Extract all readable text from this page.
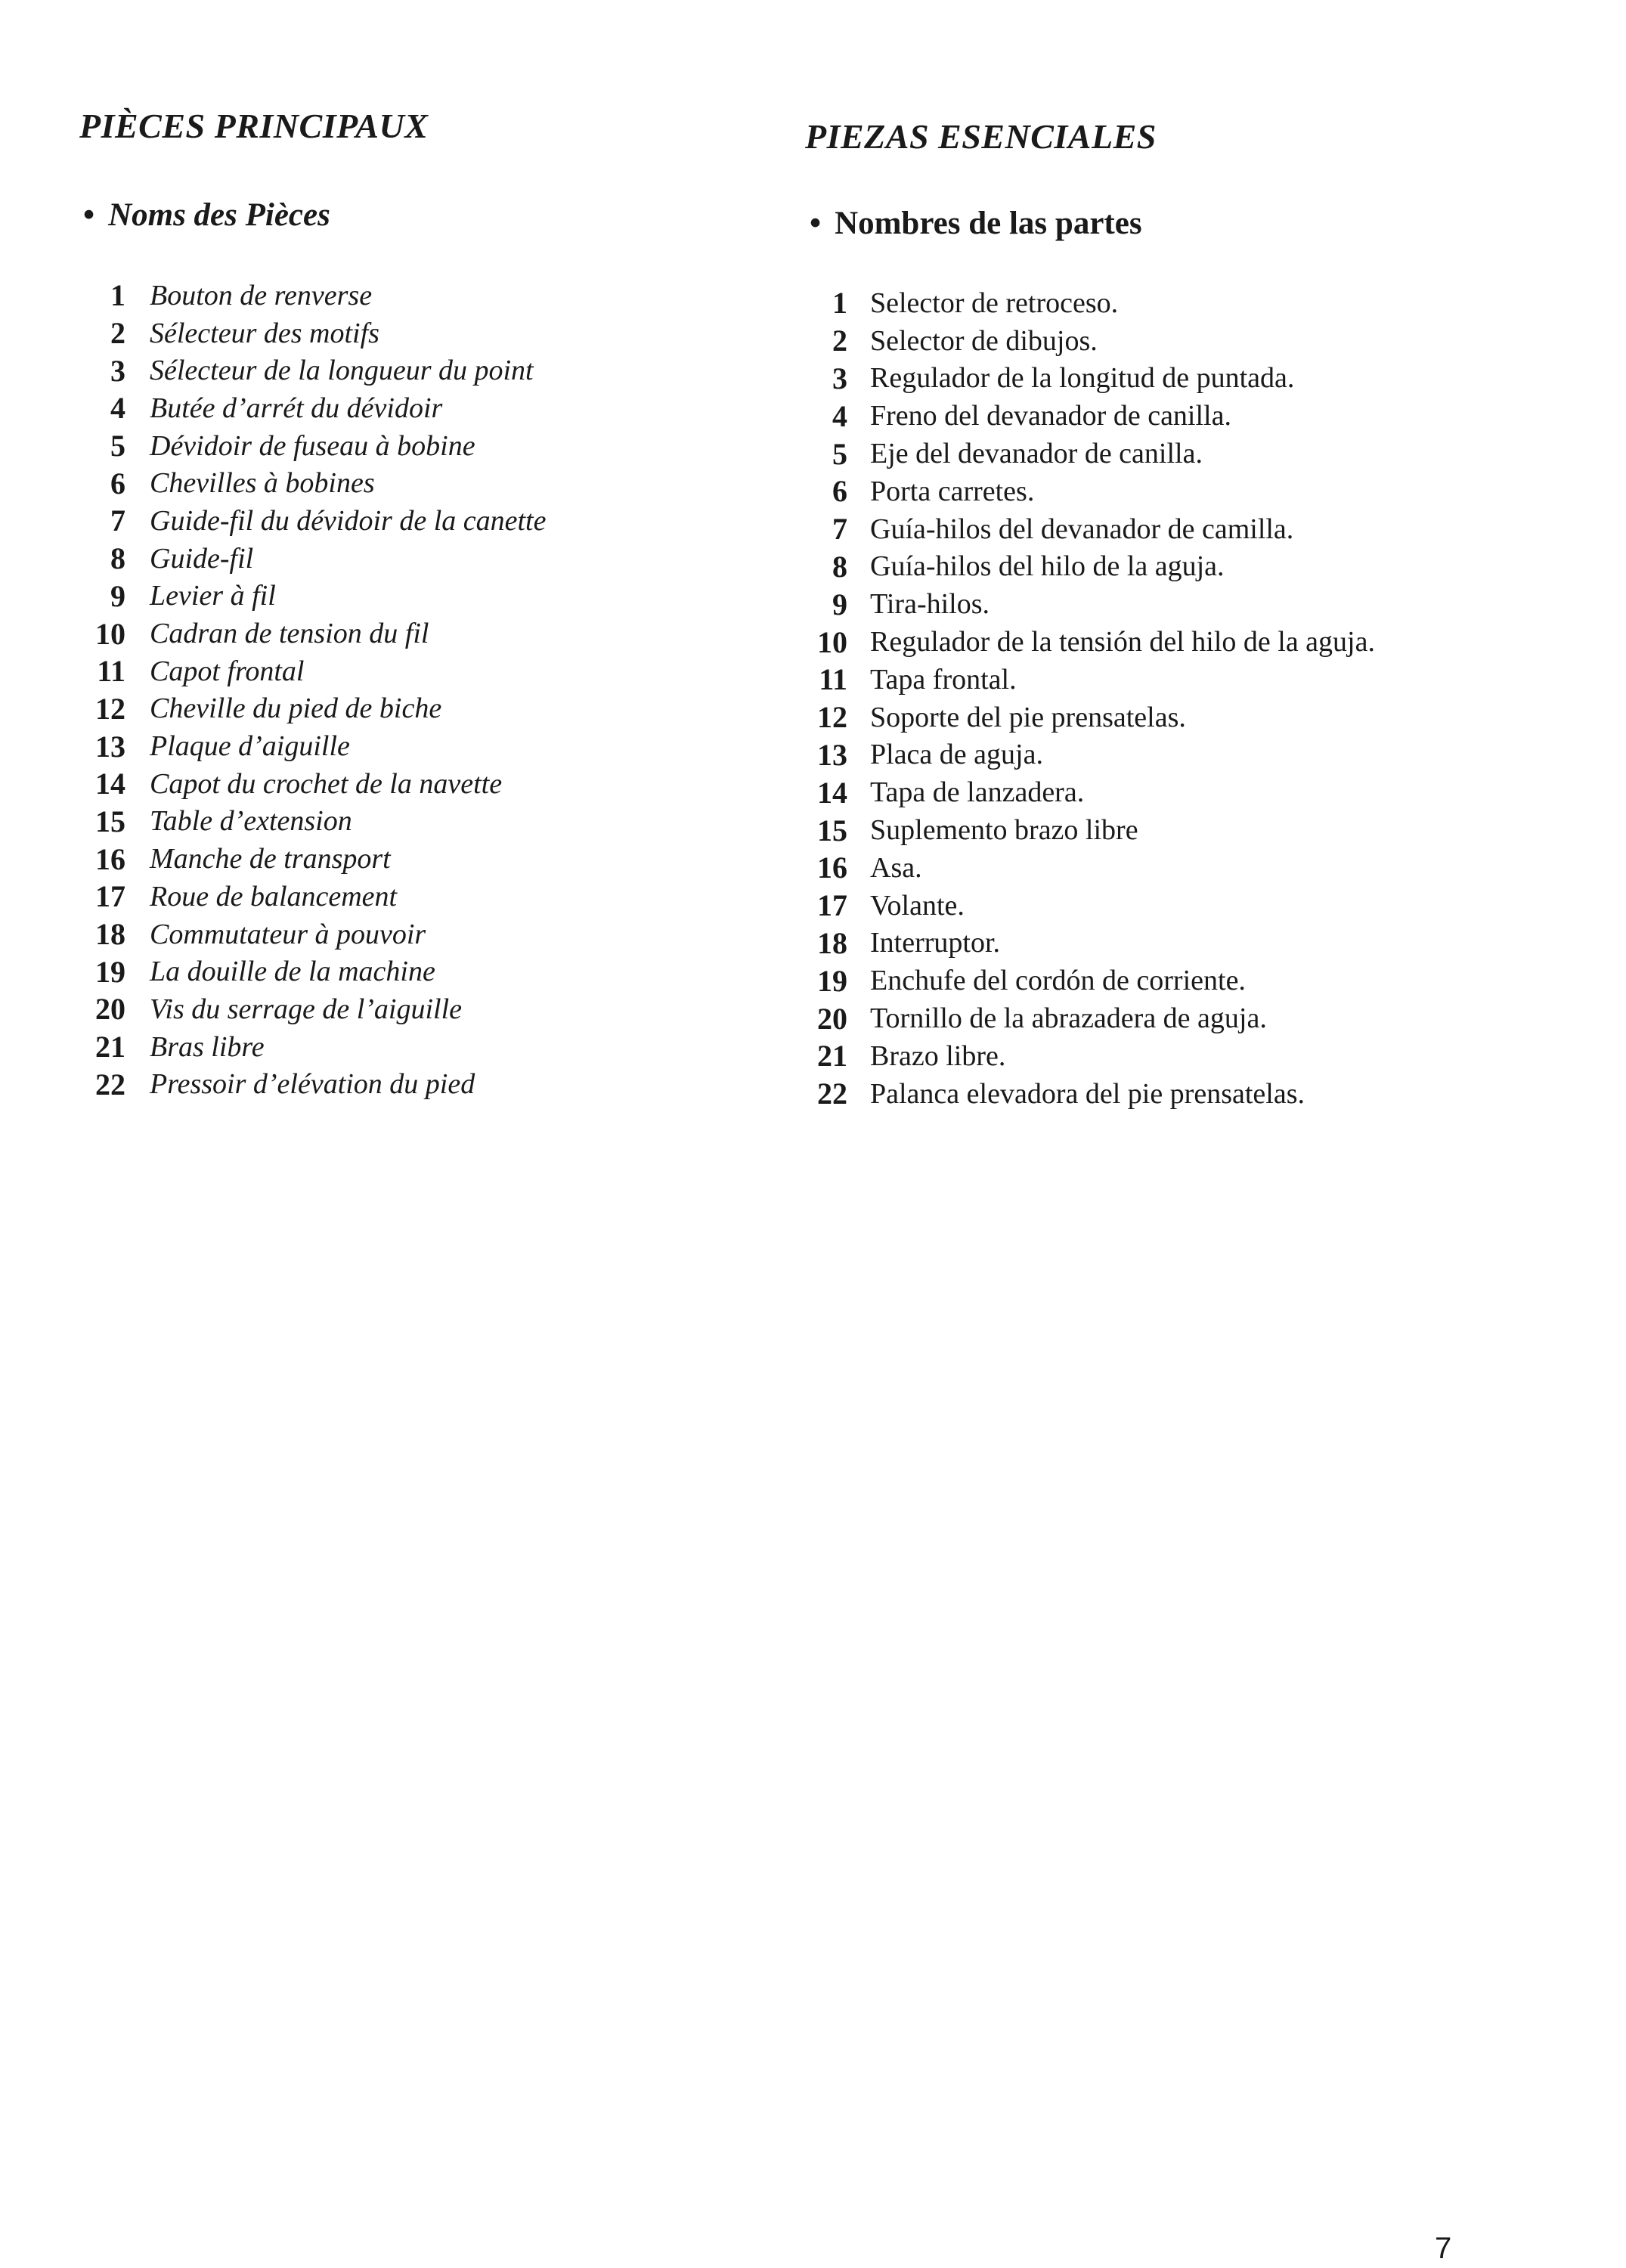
PIÈCES PRINCIPAUX
• Noms des Pièces
1 Bouton de renverse
2 Sélecteur des motifs
3 Sélecteur de la longueur du point
4 Butée d’arrét du dévidoir
5 Dévidoir de fuseau à bobine
6 Chevilles à bobines
7 Guide-fil du dévidoir de la canette
8 Guide-fil
9 Levier à fil
10 Cadran de tension du fil
11 Capot frontal
12 Cheville du pied de biche
13 Plaque d’aiguille
14 Capot du crochet de la navette
15 Table d’extension
16 Manche de transport
17 Roue de balancement
18 Commutateur à pouvoir
19 La douille de la machine
20 Vis du serrage de l’aiguille
21 Bras libre
22 Pressoir d’elévation du pied
PIEZAS ESENCIALES
• Nombres de las partes
1 Selector de retroceso.
2 Selector de dibujos.
3 Regulador de la longitud de puntada.
4 Freno del devanador de canilla.
5 Eje del devanador de canilla.
6 Porta carretes.
7 Guía-hilos del devanador de camilla.
8 Guía-hilos del hilo de la aguja.
9 Tira-hilos.
10 Regulador de la tensión del hilo de la aguja.
11 Tapa frontal.
12 Soporte del pie prensatelas.
13 Placa de aguja.
14 Tapa de lanzadera.
15 Suplemento brazo libre
16 Asa.
17 Volante.
18 Interruptor.
19 Enchufe del cordón de corriente.
20 Tornillo de la abrazadera de aguja.
21 Brazo libre.
22 Palanca elevadora del pie prensatelas.
7
